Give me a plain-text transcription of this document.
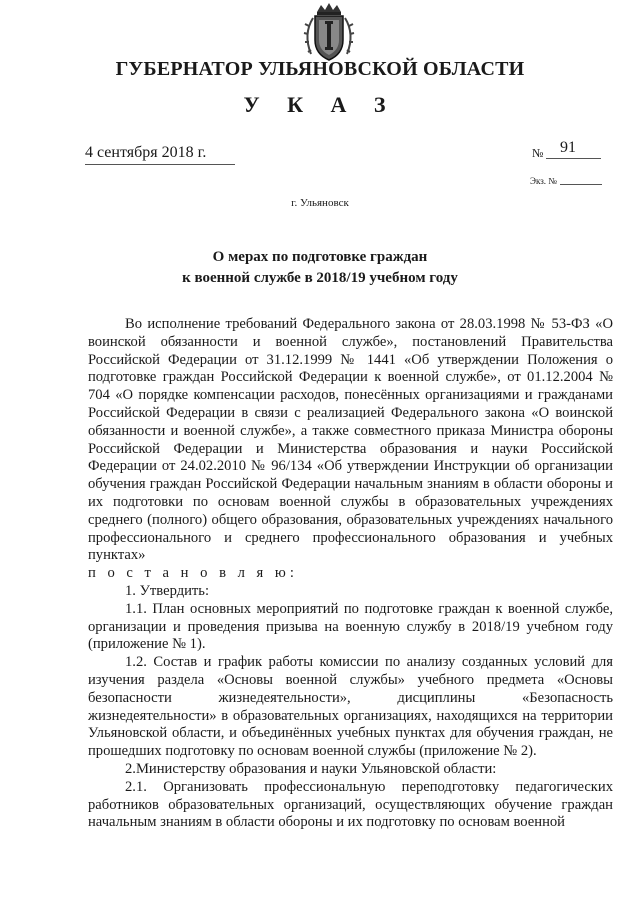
ГУБЕРНАТОР УЛЬЯНОВСКОЙ ОБЛАСТИ
У К А З
4 сентября 2018 г.	№ 91
Экз. №
г. Ульяновск
О мерах по подготовке граждан
к военной службе в 2018/19 учебном году

Во исполнение требований Федерального закона от 28.03.1998 № 53-ФЗ «О воинской обязанности и военной службе», постановлений Правительства Российской Федерации от 31.12.1999 № 1441 «Об утверждении Положения о подготовке граждан Российской Федерации к военной службе», от 01.12.2004 № 704 «О порядке компенсации расходов, понесённых организациями и гражданами Российской Федерации в связи с реализацией Федерального закона «О воинской обязанности и военной службе», а также совместного приказа Министра обороны Российской Федерации и Министерства образования и науки Российской Федерации от 24.02.2010 № 96/134 «Об утверждении Инструкции об организации обучения граждан Российской Федерации начальным знаниям в области обороны и их подготовки по основам военной службы в образовательных учреждениях среднего (полного) общего образования, образовательных учреждениях начального профессионального и среднего профессионального образования и учебных пунктах»

п о с т а н о в л я ю:

1. Утвердить:

1.1. План основных мероприятий по подготовке граждан к военной службе, организации и проведения призыва на военную службу в 2018/19 учебном году (приложение № 1).

1.2. Состав и график работы комиссии по анализу созданных условий для изучения раздела «Основы военной службы» учебного предмета «Основы безопасности жизнедеятельности», дисциплины «Безопасность жизнедеятельности» в образовательных организациях, находящихся на территории Ульяновской области, и объединённых учебных пунктах для обучения граждан, не прошедших подготовку по основам военной службы (приложение № 2).

2.Министерству образования и науки Ульяновской области:

2.1. Организовать профессиональную переподготовку педагогических работников образовательных организаций, осуществляющих обучение граждан начальным знаниям в области обороны и их подготовку по основам военной
